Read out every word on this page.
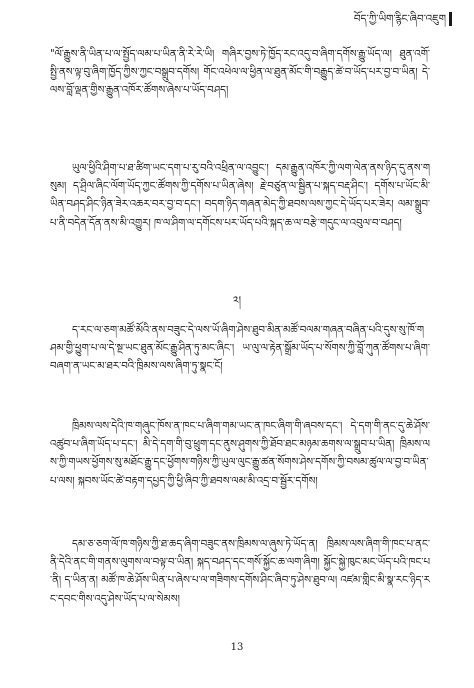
བོད་ཀྱི་ཡིག་རྙིང་ཞིབ་འཇུག

"ལོ་རྒྱུས་ནི་ཡིན་པ་ལ་སྤྱོད་ལམ་པ་ཡིན་ནི་རེ་རེ་ཡི། གཞིར་བྱས་ཏེ་ཁྱོད་རང་འདུ་བ་ཞིག་དགོས་རྒྱུ་ཡོད་ལ། ཐུན་འགོ་སྤྱི་ནས་ལྟ་བུ་ཞིག་ཁྱོད་ཀྱིས་ཀྱང་བསྒྲུབ་དགོས། གོང་འཕེལ་ལ་ཕྱིན་ལ་ཐུན་མོང་གི་བརྒྱུད་ཚེ་བ་ཡོད་པར་བྱ་བ་ཡིན། དེ་ལས་བློ་ལྡན་གྱིས་རྒྱུན་འཁོར་ཚོགས་ཞེས་པ་ཡོད་བཤད།

ཡུལ་ཕྱིའི་ཤིག་པ་ཐ་ཚིག་ཡང་དག་པ་རུ་བའི་འཕྲིན་ལ་འབྱུང་། དམ་རྒྱུན་འཁོར་ཀྱི་ལག་ལེན་ནས་ཉིད་དུ་ནས་གསུམ། ད་ཤྲིལ་ཞིང་ལོག་ཡོད་ཀྱང་ཚོགས་ཀྱི་དགོས་པ་ཡིན་ཞེས། རྗེ་བཙུན་ལ་སྦྱིན་པ་སྐད་བརྡ་ཤིང་། དགོས་པ་ཡོང་མི་ཡིན་བཤད་ཤིང་ཉིན་ཟེར་འཆར་བར་བྱ་བ་དང་། བདག་ཉིད་གཞན་མེད་ཀྱི་ཐབས་ལས་ཀྱང་དེ་ཡོད་པར་ཟེར། ལམ་སྒྲུབ་པ་ནི་བདེན་དོན་ནས་མི་འགྱུར། ཁ་ལ་ཤིག་ལ་དགོངས་པར་ཡོད་པའི་སྐད་ཆ་ལ་བརྩེ་གདུང་ལ་འབུལ་བ་བཤད།

༢།

ད་རང་ལ་ཅག་མཚོ་མོའི་ནས་བཟུང་དེ་ལས་ཡོ་ཞིག་ཤེས་ཐུབ་མིན་མཚོ་བལམ་གཞན་བཞིན་པའི་དུས་སུ་ཁོ་གཤམ་གྱི་ཕྱུག་པ་ལ་དེ་སྔ་ཡང་ཐུན་མོང་རྒྱུ་ཤིན་ཏུ་མང་ཞིང་། ཡ་ལུ་ལ་རྟེན་སྒྲོམ་ཡོད་པ་སོགས་ཀྱི་བློ་ཀུན་ཚོགས་པ་ཞིག་བཞག་ན་ཡང་མ་ཐར་བའི་ཁྲིམས་ལས་ཞིག་ཏུ་སྣང་ངོ།

ཁྲིམས་ལས་དེའི་ཁ་གཞུང་ཁོས་ན་ཁང་པ་ཞིག་གམ་ཡང་ན་ཁང་ཞིག་གི་ཞབས་དང་། དེ་དག་གི་ནང་དུ་ཆེ་ཤོས་འཚུབ་པ་ཞིག་ཡོད་པ་དང་། མི་དེ་དག་གི་བུ་ཕྲུག་དང་ནུས་ཤུགས་ཀྱི་ཐོབ་ཐང་མཉམ་ཆགས་ལ་སྒྲུབ་པ་ཡིན། ཁྲིམས་ལས་ཀྱི་གཡས་ཕྱོགས་སུ་མཐོང་རྒྱུ་དང་ཕྱོགས་གཉིས་ཀྱི་ཡུལ་ལུང་རྒྱུ་ཚན་སོགས་ཤེས་དགོས་ཀྱི་བསམ་ཚུལ་ལ་བྱ་བ་ཡིན་པ་ལས། སྐབས་ཡོང་ཚེ་བརྟག་དཔྱད་ཀྱི་ཕྱི་ཞིབ་ཀྱི་ཐབས་ལམ་མི་འདྲ་བ་སྦྱོར་དགོས།

དམ་ཅ་ཅག་ལོ་ཁ་གཉིས་ཀྱི་ཐ་ཆད་ཞིག་བཟུང་ནས་ཁྲིམས་ལ་ཞུས་ཏེ་ཡོད་ན། ཁྲིམས་ལས་ཞིག་གི་ཁང་པ་ནང་ནི་དེའི་ནང་གི་གནས་ལུགས་ལ་བལྟ་བ་ཡིན། སྐད་བཤད་དང་གསོ་སྐྱོང་ཆ་ལག་ཞིག། སྐྱོང་སྐྱེ་ཁུང་མང་ཡོད་པའི་ཁང་པ་ནི། ད་ཡིན་ན། མཚོ་ཁ་ཆེ་ཤོས་ཡིན་པ་ཞེས་པ་ལ་གཟིགས་དགོས་ཤིང་ཞིབ་ཏུ་ཤེས་ཐུབ་ལ། འཛམ་གླིང་མི་སྣ་རང་ཉིད་རང་དབང་གིས་འདུ་ཤེས་ཡོད་པ་ལ་སེམས།

13
